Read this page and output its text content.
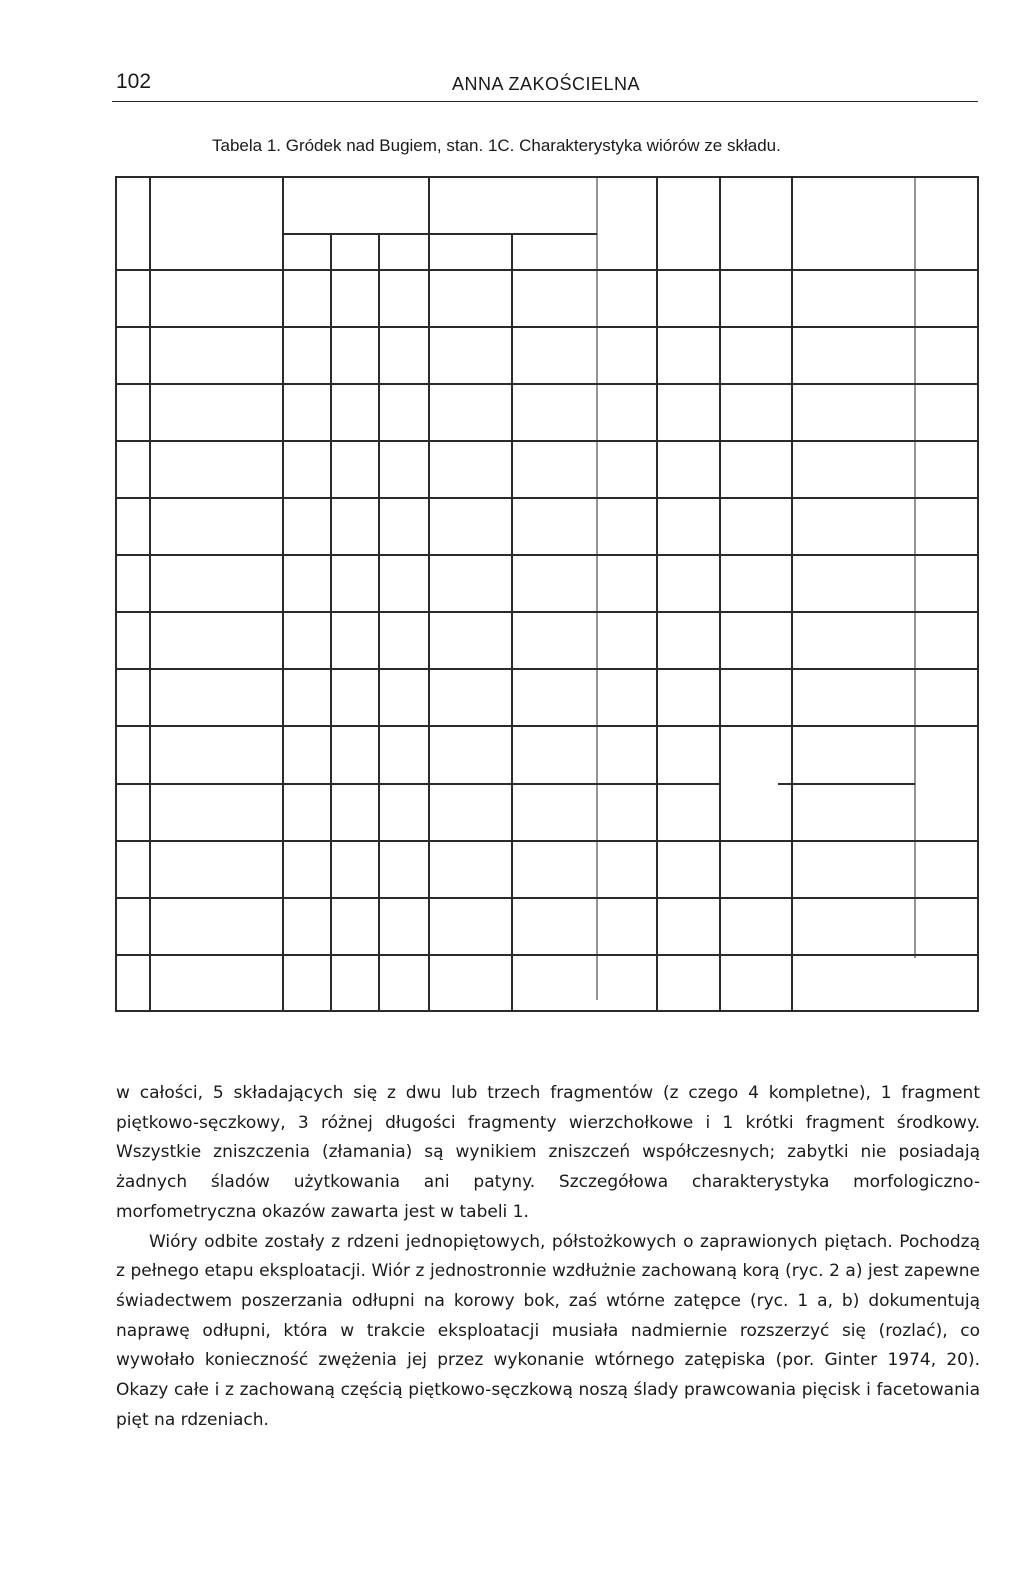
102	ANNA ZAKOŚCIELNA
Tabela 1. Gródek nad Bugiem, stan. 1C. Charakterystyka wiórów ze składu.

w całości, 5 składających się z dwu lub trzech fragmentów (z czego 4 kompletne), 1 fragment piętkowo-sęczkowy, 3 różnej długości fragmenty wierzchołkowe i 1 krótki fragment środkowy. Wszystkie zniszczenia (złamania) są wynikiem zniszczeń współczesnych; zabytki nie posiadają żadnych śladów użytkowania ani patyny. Szczegółowa charakterystyka morfologiczno-morfometryczna okazów zawarta jest w tabeli 1.

Wióry odbite zostały z rdzeni jednopiętowych, półstożkowych o zaprawionych piętach. Pochodzą z pełnego etapu eksploatacji. Wiór z jednostronnie wzdłużnie zachowaną korą (ryc. 2 a) jest zapewne świadectwem poszerzania odłupni na korowy bok, zaś wtórne zatępce (ryc. 1 a, b) dokumentują naprawę odłupni, która w trakcie eksploatacji musiała nadmiernie rozszerzyć się (rozlać), co wywołało konieczność zwężenia jej przez wykonanie wtórnego zatępiska (por. Ginter 1974, 20). Okazy całe i z zachowaną częścią piętkowo-sęczkową noszą ślady prawcowania pięcisk i facetowania pięt na rdzeniach.
